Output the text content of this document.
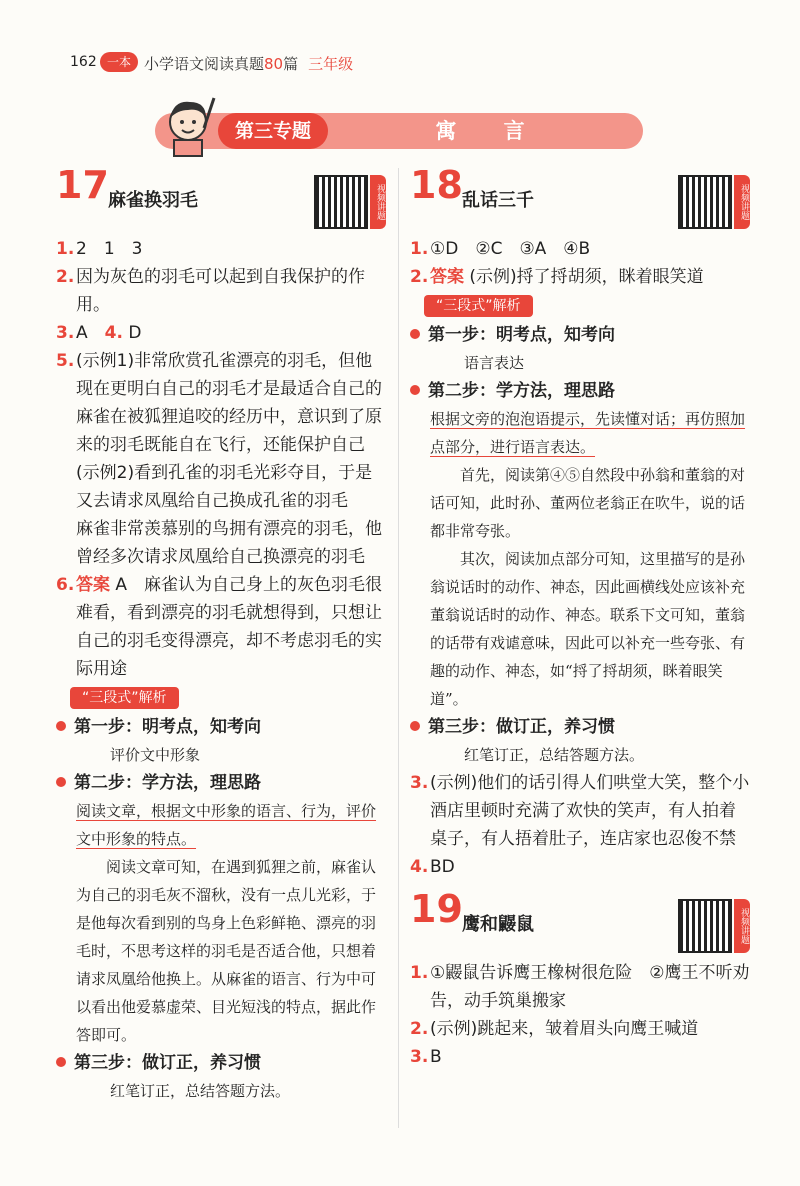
162 一本 小学语文阅读真题80篇 三年级
第三专题	寓 言
17 麻雀换羽毛	视频讲题
1. 2　1　3
2. 因为灰色的羽毛可以起到自我保护的作用。
3. A　 4. D
5. (示例1)非常欣赏孔雀漂亮的羽毛，但他现在更明白自己的羽毛才是最适合自己的
麻雀在被狐狸追咬的经历中，意识到了原来的羽毛既能自在飞行，还能保护自己
(示例2)看到孔雀的羽毛光彩夺目，于是又去请求凤凰给自己换成孔雀的羽毛
麻雀非常羡慕别的鸟拥有漂亮的羽毛，他曾经多次请求凤凰给自己换漂亮的羽毛
6. 答案 A　麻雀认为自己身上的灰色羽毛很难看，看到漂亮的羽毛就想得到，只想让自己的羽毛变得漂亮，却不考虑羽毛的实际用途
“三段式”解析
第一步：明考点，知考向
评价文中形象
第二步：学方法，理思路
阅读文章，根据文中形象的语言、行为，评价文中形象的特点。
阅读文章可知，在遇到狐狸之前，麻雀认为自己的羽毛灰不溜秋，没有一点儿光彩，于是他每次看到别的鸟身上色彩鲜艳、漂亮的羽毛时，不思考这样的羽毛是否适合他，只想着请求凤凰给他换上。从麻雀的语言、行为中可以看出他爱慕虚荣、目光短浅的特点，据此作答即可。
第三步：做订正，养习惯
红笔订正，总结答题方法。
18 乱话三千	视频讲题
1. ①D　②C　③A　④B
2. 答案 (示例)捋了捋胡须，眯着眼笑道
“三段式”解析
第一步：明考点，知考向
语言表达
第二步：学方法，理思路
根据文旁的泡泡语提示，先读懂对话；再仿照加点部分，进行语言表达。
首先，阅读第④⑤自然段中孙翁和董翁的对话可知，此时孙、董两位老翁正在吹牛，说的话都非常夸张。
其次，阅读加点部分可知，这里描写的是孙翁说话时的动作、神态，因此画横线处应该补充董翁说话时的动作、神态。联系下文可知，董翁的话带有戏谑意味，因此可以补充一些夸张、有趣的动作、神态，如“捋了捋胡须，眯着眼笑道”。
第三步：做订正，养习惯
红笔订正，总结答题方法。
3. (示例)他们的话引得人们哄堂大笑，整个小酒店里顿时充满了欢快的笑声，有人拍着桌子，有人捂着肚子，连店家也忍俊不禁
4. BD
19 鹰和鼹鼠	视频讲题
1. ①鼹鼠告诉鹰王橡树很危险　②鹰王不听劝告，动手筑巢搬家
2. (示例)跳起来，皱着眉头向鹰王喊道
3. B
